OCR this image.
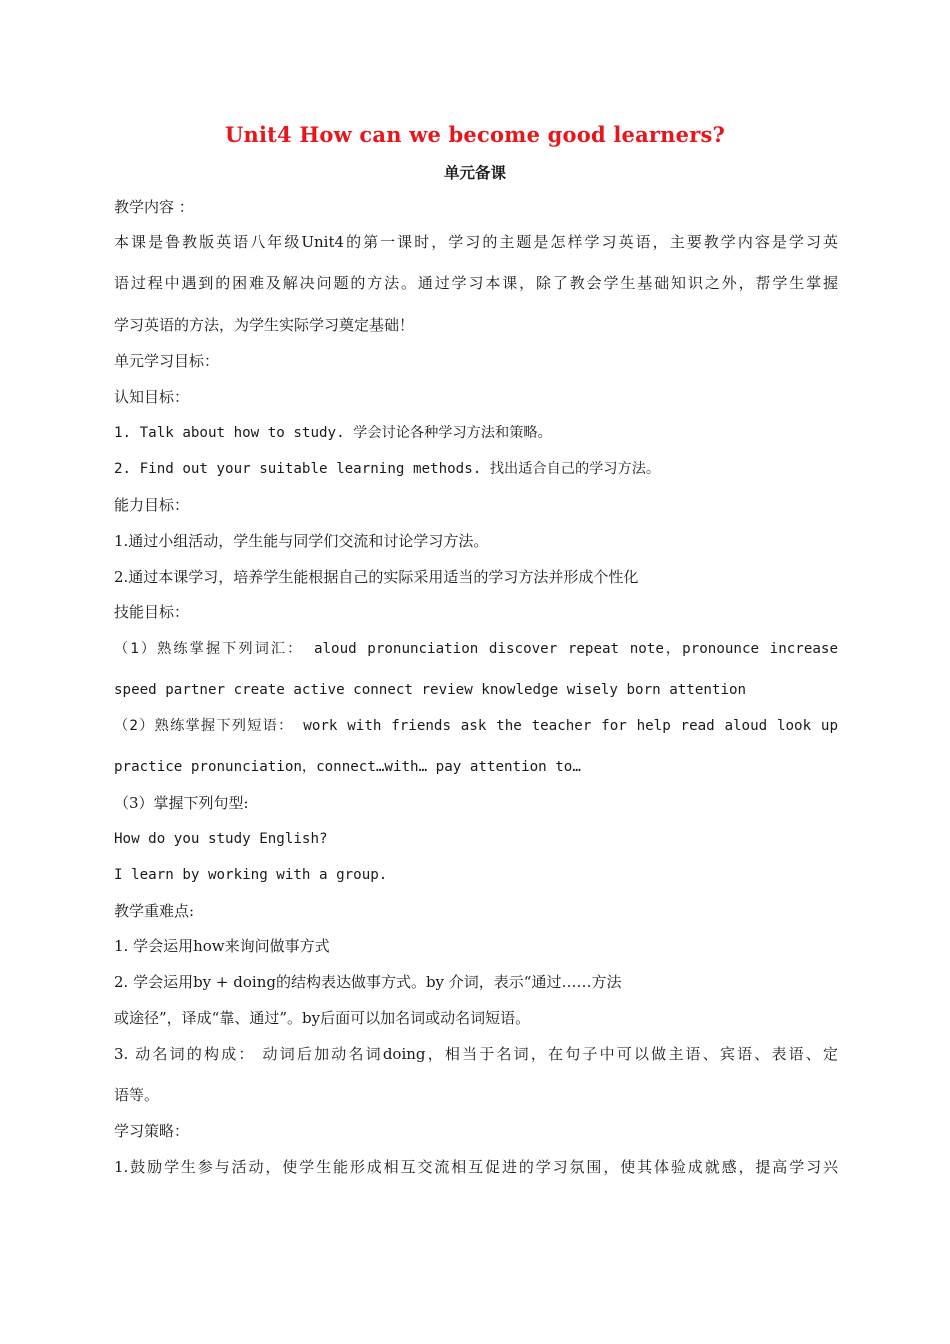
Unit4 How can we become good learners?
单元备课
教学内容 ：
本课是鲁教版英语八年级Unit4的第一课时，学习的主题是怎样学习英语，主要教学内容是学习英
语过程中遇到的困难及解决问题的方法。通过学习本课，除了教会学生基础知识之外，帮学生掌握
学习英语的方法，为学生实际学习奠定基础！
单元学习目标：
认知目标：
1. Talk about how to study. 学会讨论各种学习方法和策略。
2. Find out your suitable learning methods. 找出适合自己的学习方法。
能力目标：
1.通过小组活动，学生能与同学们交流和讨论学习方法。
2.通过本课学习，培养学生能根据自己的实际采用适当的学习方法并形成个性化
技能目标：
（1）熟练掌握下列词汇： aloud pronunciation discover repeat note，pronounce increase
speed partner create active connect review knowledge wisely born attention
（2）熟练掌握下列短语： work with friends ask the teacher for help read aloud look up
practice pronunciation，connect…with… pay attention to…
（3）掌握下列句型:
How do you study English?
I learn by working with a group.
教学重难点:
1. 学会运用how来询问做事方式
2. 学会运用by + doing的结构表达做事方式。by 介词，表示“通过……方法
或途径”，译成“靠、通过”。by后面可以加名词或动名词短语。
3. 动名词的构成： 动词后加动名词doing，相当于名词，在句子中可以做主语、宾语、表语、定
语等。
学习策略：
1.鼓励学生参与活动，使学生能形成相互交流相互促进的学习氛围，使其体验成就感，提高学习兴
